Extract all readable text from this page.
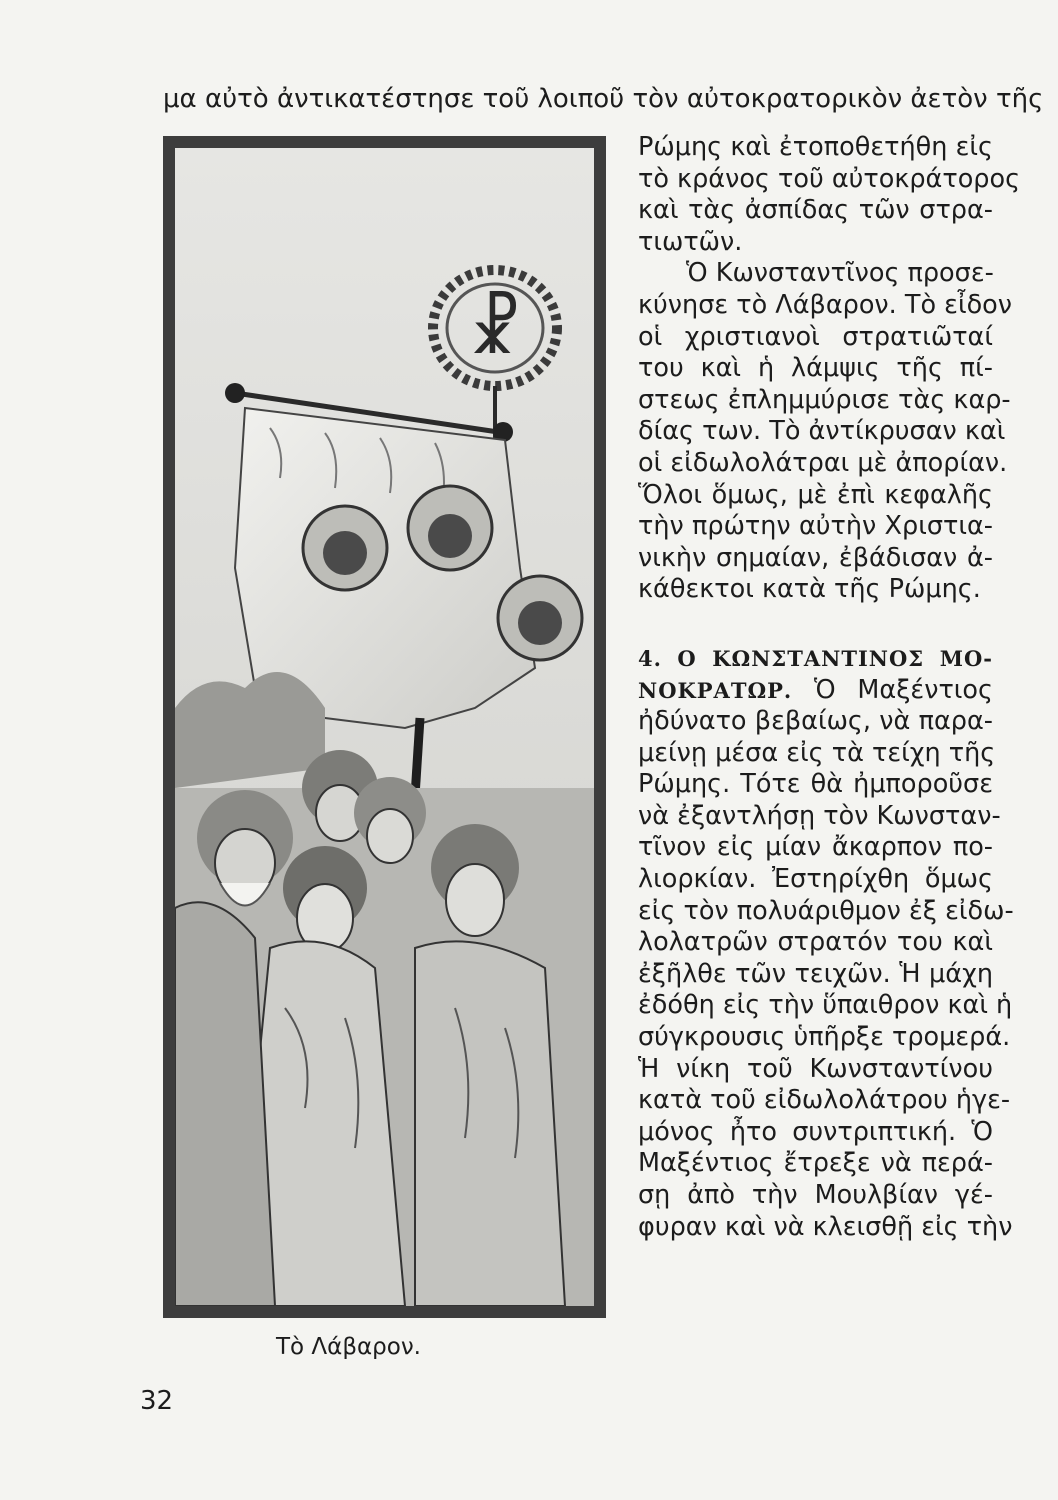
μα αὐτὸ ἀντικατέστησε τοῦ λοιποῦ τὸν αὐτοκρατορικὸν ἀετὸν τῆς
☧
Τὸ Λάβαρον.
Ρώμης καὶ ἐτοποθετήθη εἰς
τὸ κράνος τοῦ αὐτοκράτορος
καὶ τὰς ἀσπίδας τῶν στρα-
τιωτῶν.
Ὁ Κωνσταντῖνος προσε-
κύνησε τὸ Λάβαρον. Τὸ εἶδον
οἱ χριστιανοὶ στρατιῶταί
του καὶ ἡ λάμψις τῆς πί-
στεως ἐπλημμύρισε τὰς καρ-
δίας των. Τὸ ἀντίκρυσαν καὶ
οἱ εἰδωλολάτραι μὲ ἀπορίαν.
Ὅλοι ὅμως, μὲ ἐπὶ κεφαλῆς
τὴν πρώτην αὐτὴν Χριστια-
νικὴν σημαίαν, ἐβάδισαν ἀ-
κάθεκτοι κατὰ τῆς Ρώμης.
4. Ο ΚΩΝΣΤΑΝΤΙΝΟΣ ΜΟ-
ΝΟΚΡΑΤΩΡ. Ὁ Μαξέντιος
ἠδύνατο βεβαίως, νὰ παρα-
μείνῃ μέσα εἰς τὰ τείχη τῆς
Ρώμης. Τότε θὰ ἠμποροῦσε
νὰ ἐξαντλήσῃ τὸν Κωνσταν-
τῖνον εἰς μίαν ἄκαρπον πο-
λιορκίαν. Ἐστηρίχθη ὅμως
εἰς τὸν πολυάριθμον ἐξ εἰδω-
λολατρῶν στρατόν του καὶ
ἐξῆλθε τῶν τειχῶν. Ἡ μάχη
ἐδόθη εἰς τὴν ὕπαιθρον καὶ ἡ
σύγκρουσις ὑπῆρξε τρομερά.
Ἡ νίκη τοῦ Κωνσταντίνου
κατὰ τοῦ εἰδωλολάτρου ἡγε-
μόνος ἦτο συντριπτική. Ὁ
Μαξέντιος ἔτρεξε νὰ περά-
σῃ ἀπὸ τὴν Μουλβίαν γέ-
φυραν καὶ νὰ κλεισθῇ εἰς τὴν
32
